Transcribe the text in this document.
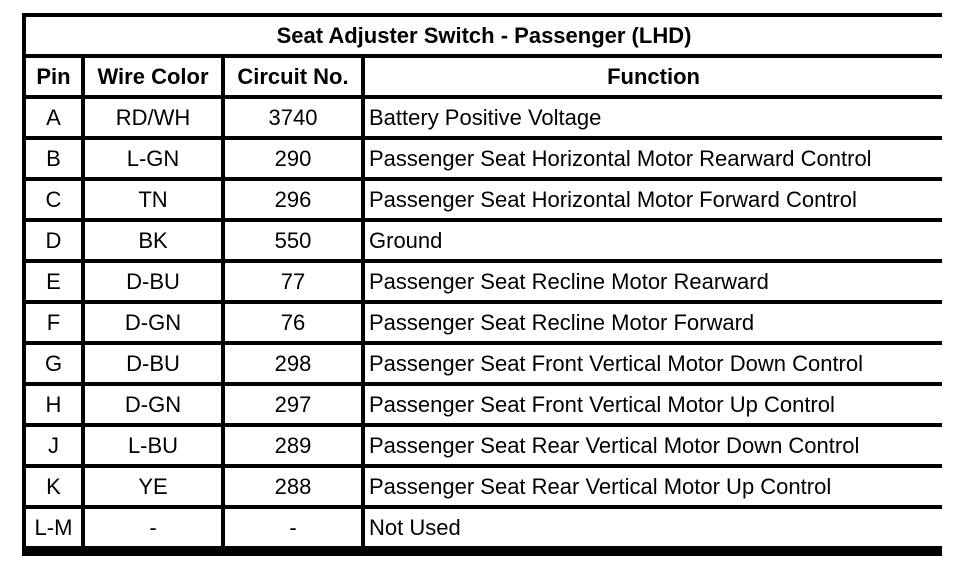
Seat Adjuster Switch - Passenger (LHD)			
Pin	Wire Color	Circuit No.	Function
A	RD/WH	3740	Battery Positive Voltage
B	L-GN	290	Passenger Seat Horizontal Motor Rearward Control
C	TN	296	Passenger Seat Horizontal Motor Forward Control
D	BK	550	Ground
E	D-BU	77	Passenger Seat Recline Motor Rearward
F	D-GN	76	Passenger Seat Recline Motor Forward
G	D-BU	298	Passenger Seat Front Vertical Motor Down Control
H	D-GN	297	Passenger Seat Front Vertical Motor Up Control
J	L-BU	289	Passenger Seat Rear Vertical Motor Down Control
K	YE	288	Passenger Seat Rear Vertical Motor Up Control
L-M	-	-	Not Used
